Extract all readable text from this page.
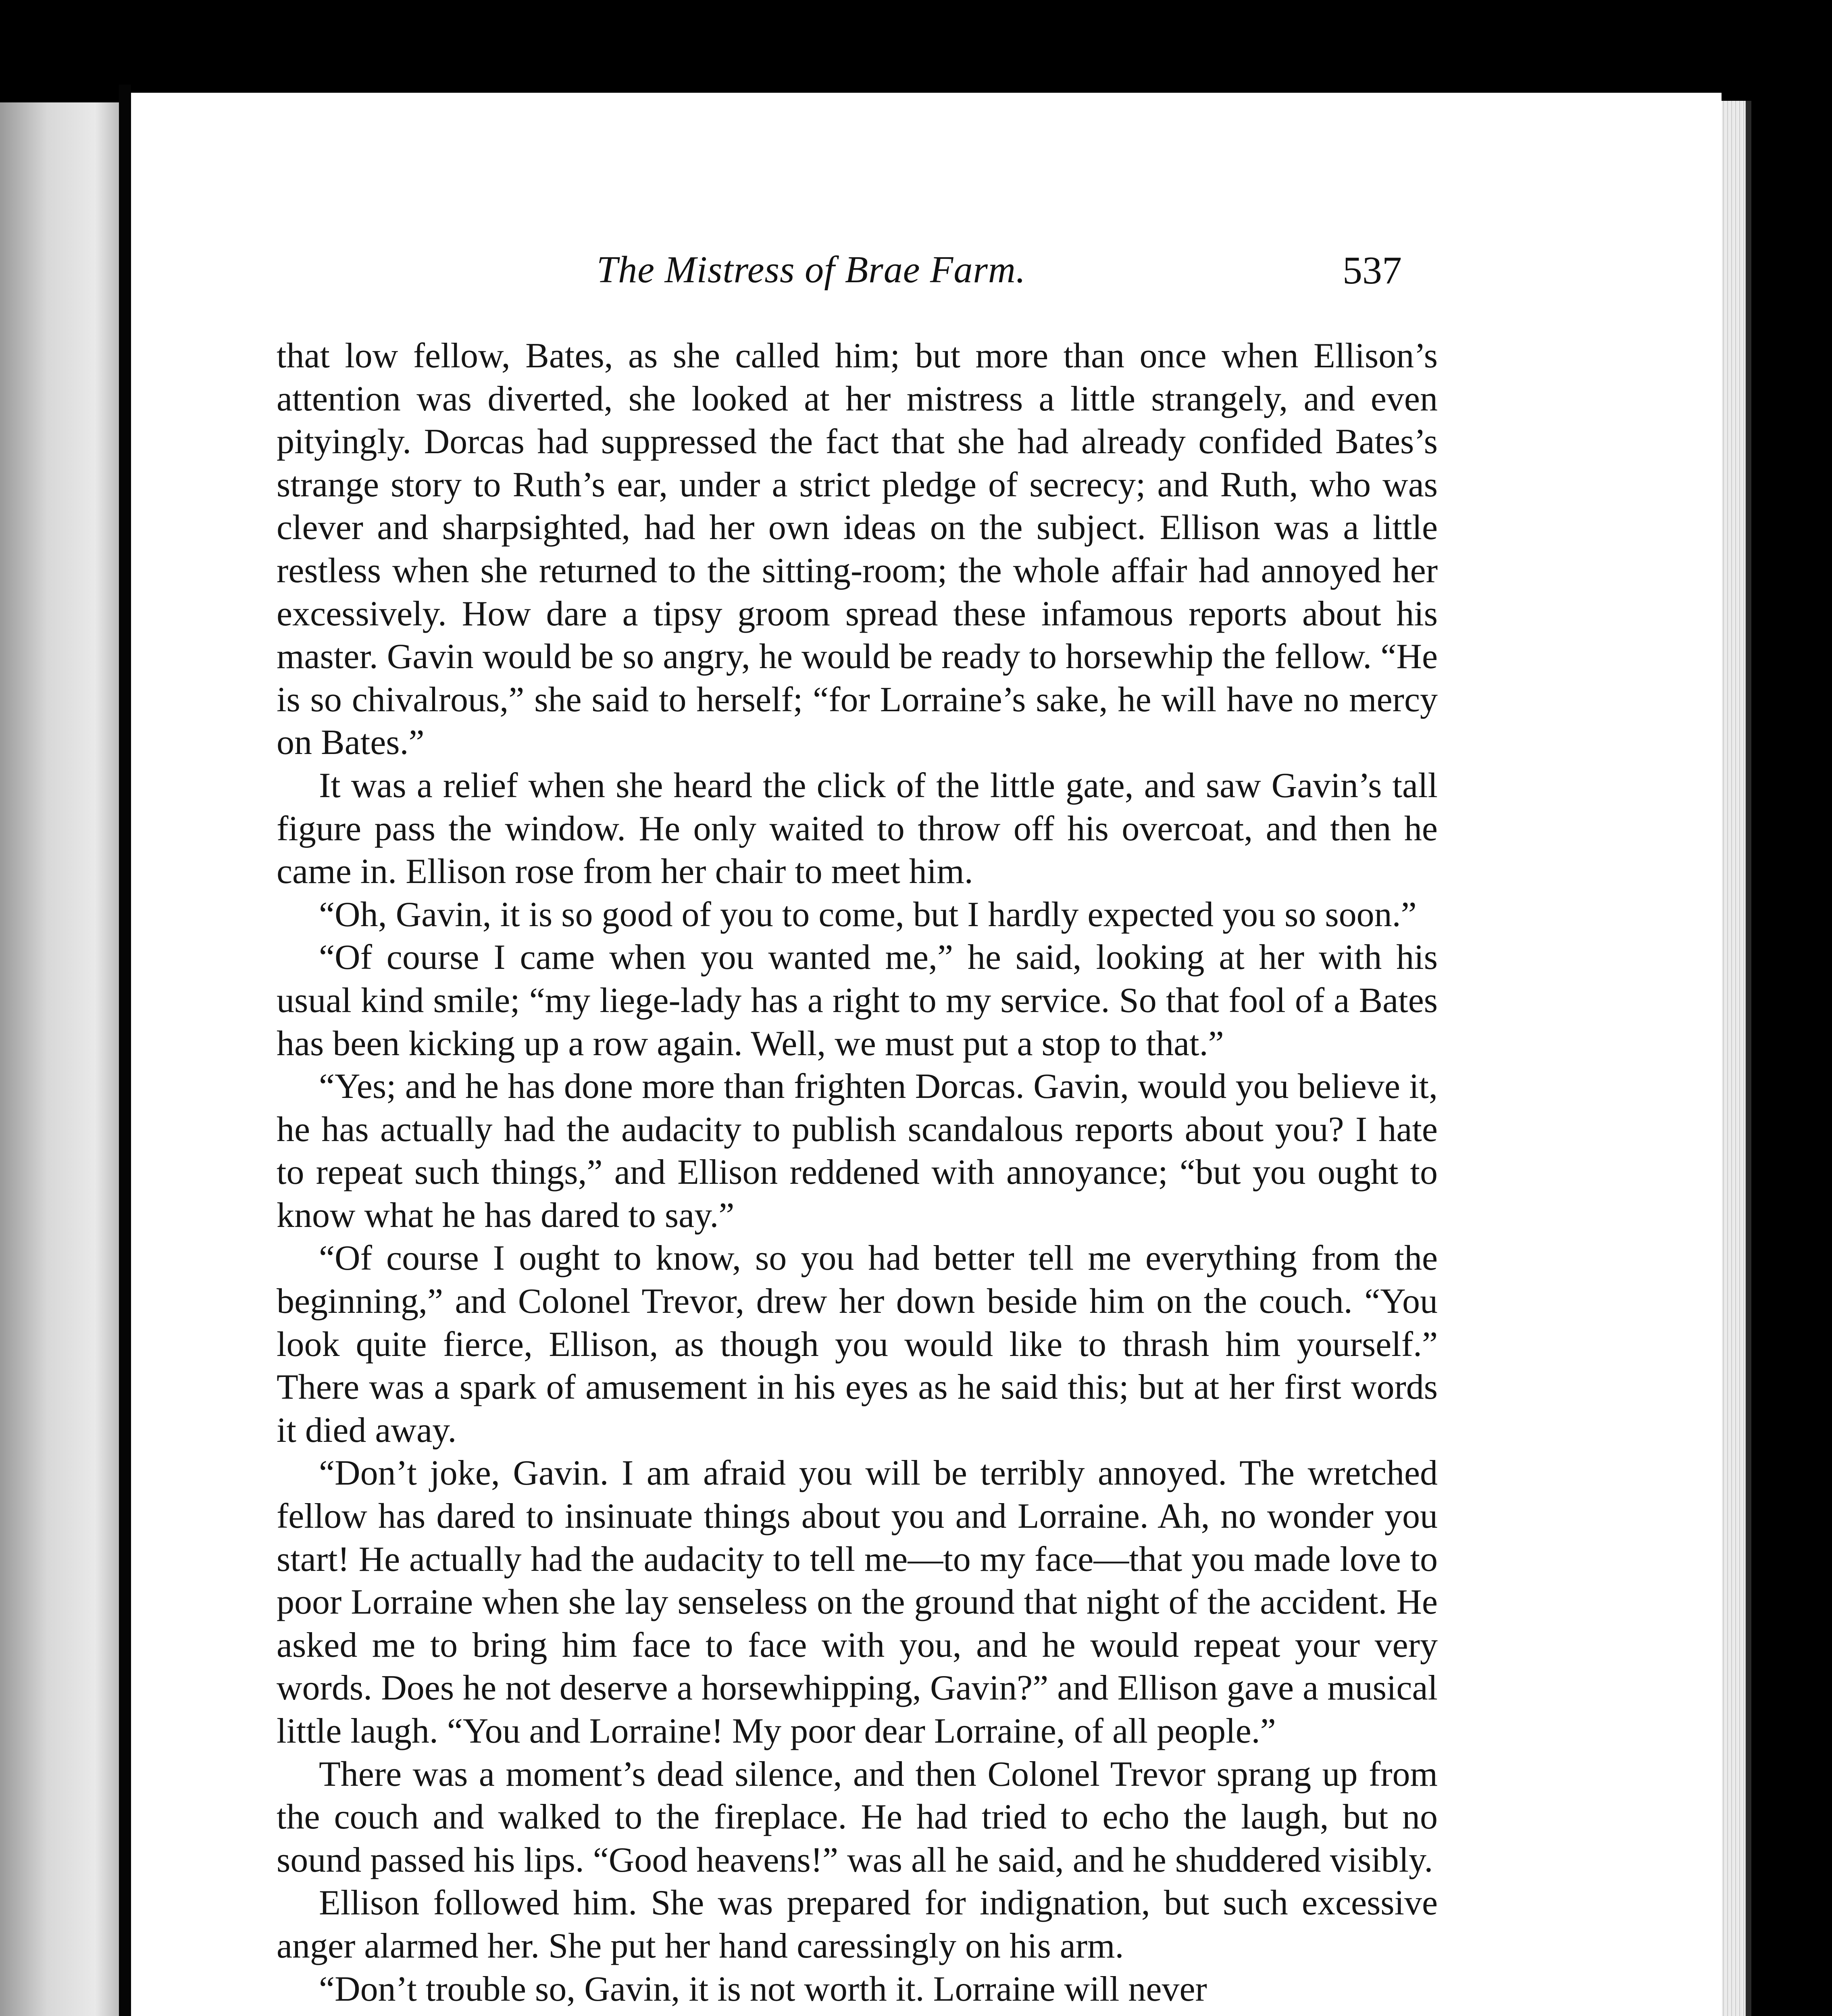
The Mistress of Brae Farm.	537

that low fellow, Bates, as she called him; but more than once when Ellison’s attention was diverted, she looked at her mistress a little strangely, and even pityingly. Dorcas had suppressed the fact that she had already confided Bates’s strange story to Ruth’s ear, under a strict pledge of secrecy; and Ruth, who was clever and sharpsighted, had her own ideas on the subject. Ellison was a little restless when she returned to the sitting-room; the whole affair had annoyed her excessively. How dare a tipsy groom spread these infamous reports about his master. Gavin would be so angry, he would be ready to horsewhip the fellow. “He is so chivalrous,” she said to herself; “for Lorraine’s sake, he will have no mercy on Bates.”

It was a relief when she heard the click of the little gate, and saw Gavin’s tall figure pass the window. He only waited to throw off his overcoat, and then he came in. Ellison rose from her chair to meet him.

“Oh, Gavin, it is so good of you to come, but I hardly expected you so soon.”

“Of course I came when you wanted me,” he said, looking at her with his usual kind smile; “my liege-lady has a right to my service. So that fool of a Bates has been kicking up a row again. Well, we must put a stop to that.”

“Yes; and he has done more than frighten Dorcas. Gavin, would you believe it, he has actually had the audacity to publish scandalous reports about you? I hate to repeat such things,” and Ellison reddened with annoyance; “but you ought to know what he has dared to say.”

“Of course I ought to know, so you had better tell me everything from the beginning,” and Colonel Trevor, drew her down beside him on the couch. “You look quite fierce, Ellison, as though you would like to thrash him yourself.” There was a spark of amusement in his eyes as he said this; but at her first words it died away.

“Don’t joke, Gavin. I am afraid you will be terribly annoyed. The wretched fellow has dared to insinuate things about you and Lorraine. Ah, no wonder you start! He actually had the audacity to tell me—to my face—that you made love to poor Lorraine when she lay senseless on the ground that night of the accident. He asked me to bring him face to face with you, and he would repeat your very words. Does he not deserve a horsewhipping, Gavin?” and Ellison gave a musical little laugh. “You and Lorraine! My poor dear Lorraine, of all people.”

There was a moment’s dead silence, and then Colonel Trevor sprang up from the couch and walked to the fireplace. He had tried to echo the laugh, but no sound passed his lips. “Good heavens!” was all he said, and he shuddered visibly.

Ellison followed him. She was prepared for indignation, but such excessive anger alarmed her. She put her hand caressingly on his arm.

“Don’t trouble so, Gavin, it is not worth it. Lorraine will never
